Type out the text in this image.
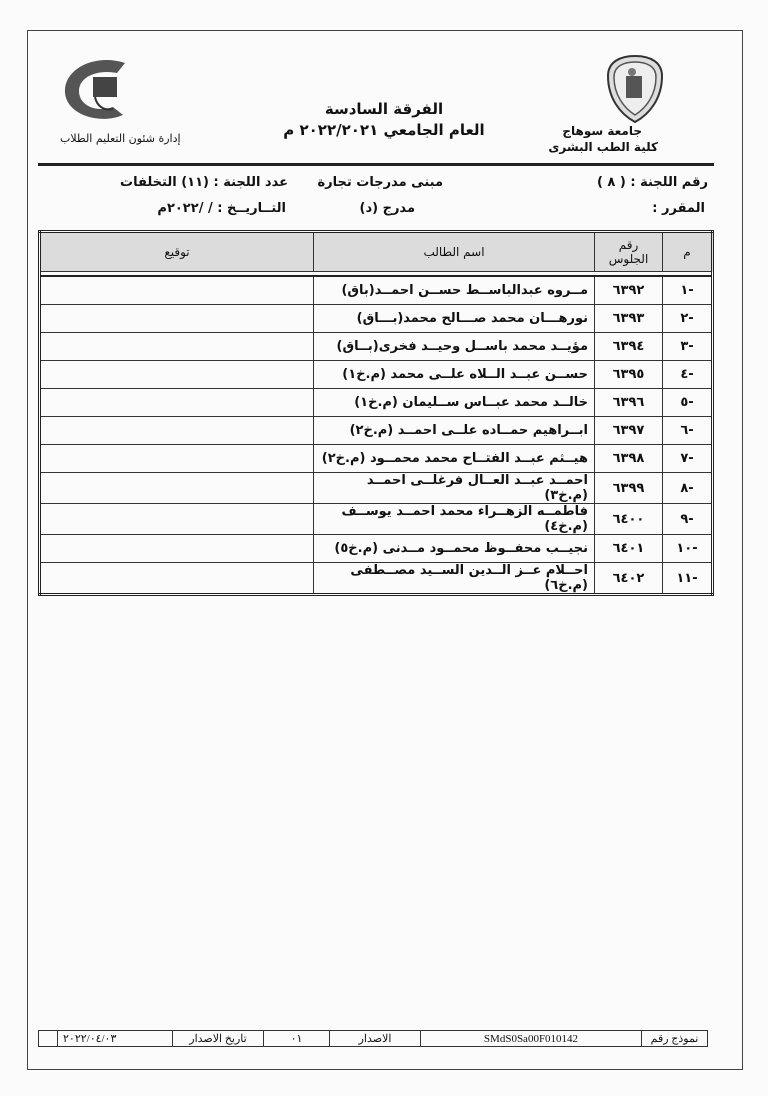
جامعة سوهاج
كلية الطب البشرى
الفرقة السادسة
العام الجامعي ٢٠٢٢/٢٠٢١ م
إدارة شئون التعليم الطلاب
رقم اللجنة : ( ٨ )
مبنى مدرجات تجارة
عدد اللجنة : (١١) التخلفات
المقرر :
مدرج (د)
التــاريــخ : / /٢٠٢٢م
م	رقم الجلوس	اسم الطالب	توقيع

-١	٦٣٩٢	مــروه عبدالباســط حســن احمــد(باق)	
-٢	٦٣٩٣	نورهـــان محمد صـــالح محمد(بـــاق)	
-٣	٦٣٩٤	مؤيــد محمد باســل وحيــد فخرى(بــاق)	
-٤	٦٣٩٥	حســن عبــد الــلاه علــى محمد (م.خ١)	
-٥	٦٣٩٦	خالــد محمد عبــاس ســليمان (م.خ١)	
-٦	٦٣٩٧	ابــراهيم حمــاده علــى احمــد (م.خ٢)	
-٧	٦٣٩٨	هيــثم عبــد الفتــاح محمد محمــود (م.خ٢)	
-٨	٦٣٩٩	احمــد عبــد العــال فرغلــى احمــد (م.خ٣)	
-٩	٦٤٠٠	فاطمــه الزهــراء محمد احمــد يوســف (م.خ٤)	
-١٠	٦٤٠١	نجيــب محفــوظ محمــود مــدنى (م.خ٥)	
-١١	٦٤٠٢	احــلام عــز الــدين الســيد مصــطفى (م.خ٦)	
نموذج رقم	SMdS0Sa00F010142	الاصدار	٠١	تاريخ الاصدار	٢٠٢٢/٠٤/٠٣	
